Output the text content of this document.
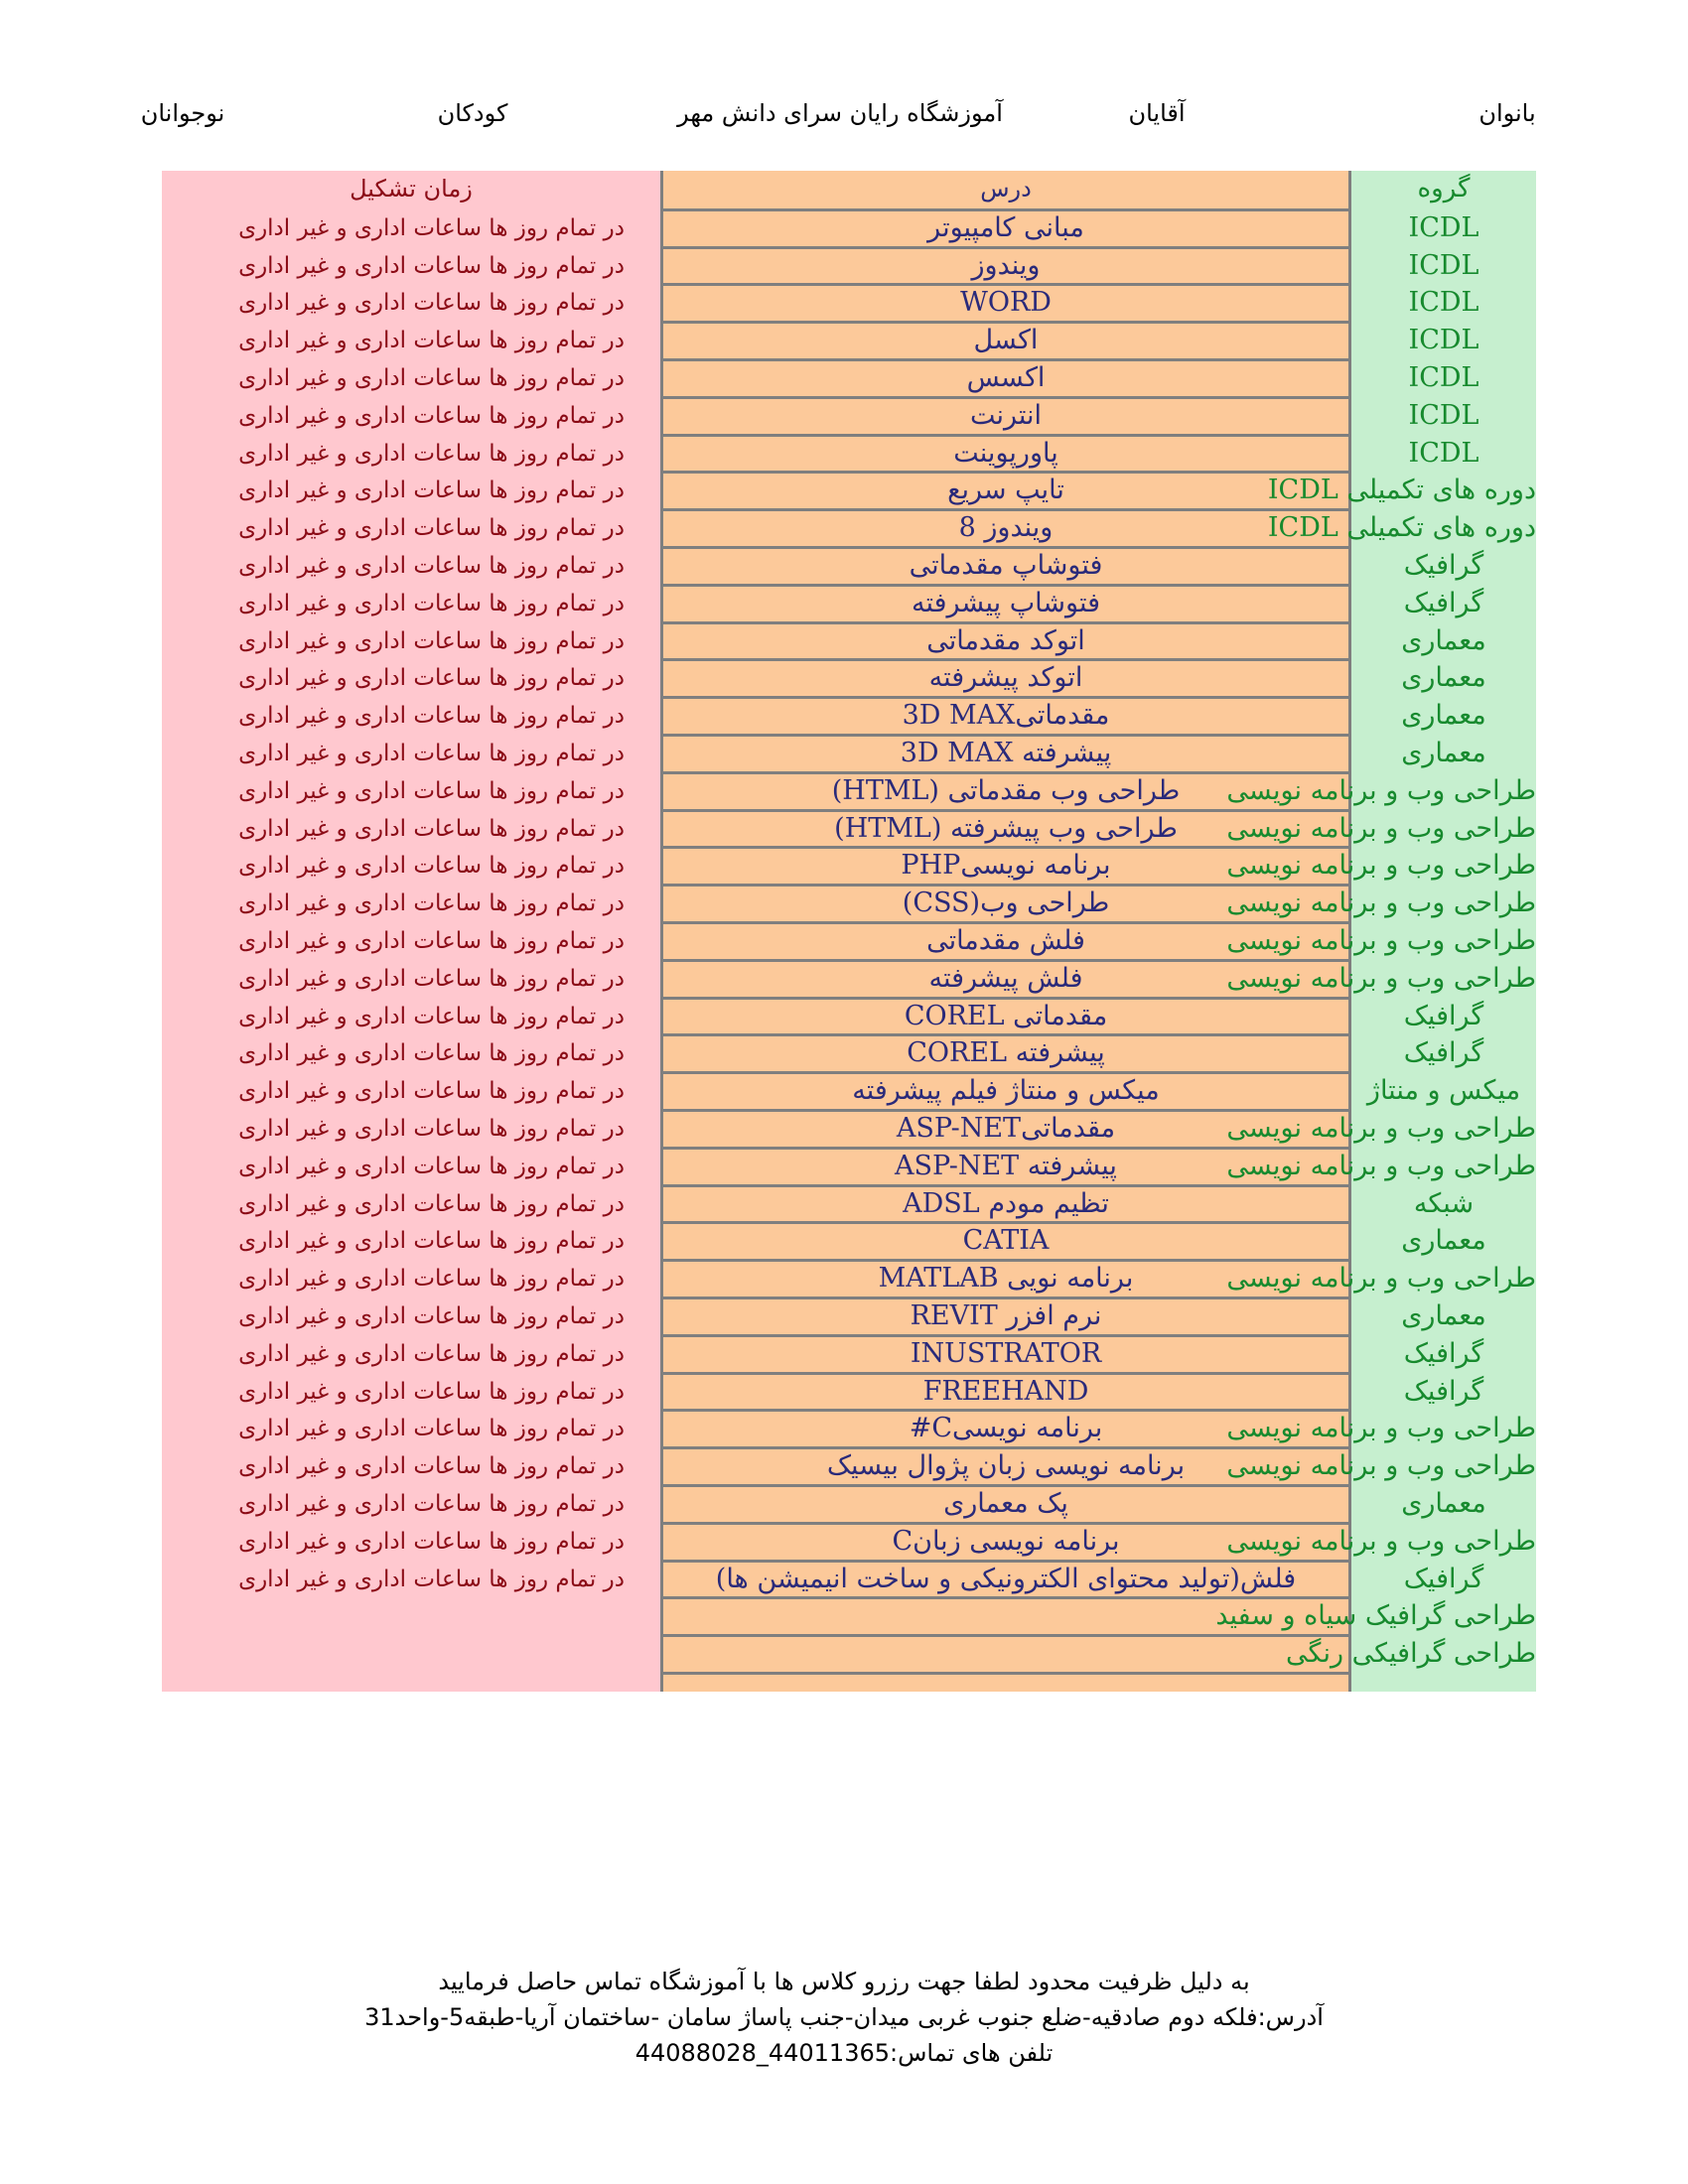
بانوان
آقایان
آموزشگاه رایان سرای دانش مهر
کودکان
نوجوانان
زمان تشکیل
در تمام روز ها ساعات اداری و غیر اداری
در تمام روز ها ساعات اداری و غیر اداری
در تمام روز ها ساعات اداری و غیر اداری
در تمام روز ها ساعات اداری و غیر اداری
در تمام روز ها ساعات اداری و غیر اداری
در تمام روز ها ساعات اداری و غیر اداری
در تمام روز ها ساعات اداری و غیر اداری
در تمام روز ها ساعات اداری و غیر اداری
در تمام روز ها ساعات اداری و غیر اداری
در تمام روز ها ساعات اداری و غیر اداری
در تمام روز ها ساعات اداری و غیر اداری
در تمام روز ها ساعات اداری و غیر اداری
در تمام روز ها ساعات اداری و غیر اداری
در تمام روز ها ساعات اداری و غیر اداری
در تمام روز ها ساعات اداری و غیر اداری
در تمام روز ها ساعات اداری و غیر اداری
در تمام روز ها ساعات اداری و غیر اداری
در تمام روز ها ساعات اداری و غیر اداری
در تمام روز ها ساعات اداری و غیر اداری
در تمام روز ها ساعات اداری و غیر اداری
در تمام روز ها ساعات اداری و غیر اداری
در تمام روز ها ساعات اداری و غیر اداری
در تمام روز ها ساعات اداری و غیر اداری
در تمام روز ها ساعات اداری و غیر اداری
در تمام روز ها ساعات اداری و غیر اداری
در تمام روز ها ساعات اداری و غیر اداری
در تمام روز ها ساعات اداری و غیر اداری
در تمام روز ها ساعات اداری و غیر اداری
در تمام روز ها ساعات اداری و غیر اداری
در تمام روز ها ساعات اداری و غیر اداری
در تمام روز ها ساعات اداری و غیر اداری
در تمام روز ها ساعات اداری و غیر اداری
در تمام روز ها ساعات اداری و غیر اداری
در تمام روز ها ساعات اداری و غیر اداری
در تمام روز ها ساعات اداری و غیر اداری
در تمام روز ها ساعات اداری و غیر اداری
در تمام روز ها ساعات اداری و غیر اداری
درس
مبانی کامپیوتر
ویندوز
WORD
اکسل
اکسس
انترنت
پاورپوینت
تایپ سریع
ویندوز 8
فتوشاپ مقدماتی
فتوشاپ پیشرفته
اتوکد مقدماتی
اتوکد پیشرفته
مقدماتی3D MAX
پیشرفته 3D MAX
طراحی وب مقدماتی (HTML)
طراحی وب پیشرفته (HTML)
برنامه نویسیPHP
طراحی وب(CSS)
فلش مقدماتی
فلش پیشرفته
مقدماتی COREL
پیشرفته COREL
میکس و منتاژ فیلم پیشرفته
مقدماتیASP-NET
پیشرفته ASP-NET
تظیم مودم ADSL
CATIA
برنامه نویی MATLAB
نرم افزر REVIT
INUSTRATOR
FREEHAND
برنامه نویسیC#
برنامه نویسی زبان پژوال بیسیک
پک معماری
برنامه نویسی زبانC
فلش(تولید محتوای الکترونیکی و ساخت انیمیشن ها)
گروه
ICDL
ICDL
ICDL
ICDL
ICDL
ICDL
ICDL
دوره های تکمیلی ICDL
دوره های تکمیلی ICDL
گرافیک
گرافیک
معماری
معماری
معماری
معماری
طراحی وب و برنامه نویسی
طراحی وب و برنامه نویسی
طراحی وب و برنامه نویسی
طراحی وب و برنامه نویسی
طراحی وب و برنامه نویسی
طراحی وب و برنامه نویسی
گرافیک
گرافیک
میکس و منتاژ
طراحی وب و برنامه نویسی
طراحی وب و برنامه نویسی
شبکه
معماری
طراحی وب و برنامه نویسی
معماری
گرافیک
گرافیک
طراحی وب و برنامه نویسی
طراحی وب و برنامه نویسی
معماری
طراحی وب و برنامه نویسی
گرافیک
طراحی گرافیک سیاه و سفید
طراحی گرافیکی رنگی
به دلیل ظرفیت محدود لطفا جهت رزرو کلاس ها با آموزشگاه تماس حاصل فرمایید
آدرس:فلکه دوم صادقیه-ضلع جنوب غربی میدان-جنب پاساژ سامان -ساختمان آریا-طبقه5-واحد31
تلفن های تماس:44011365_44088028
